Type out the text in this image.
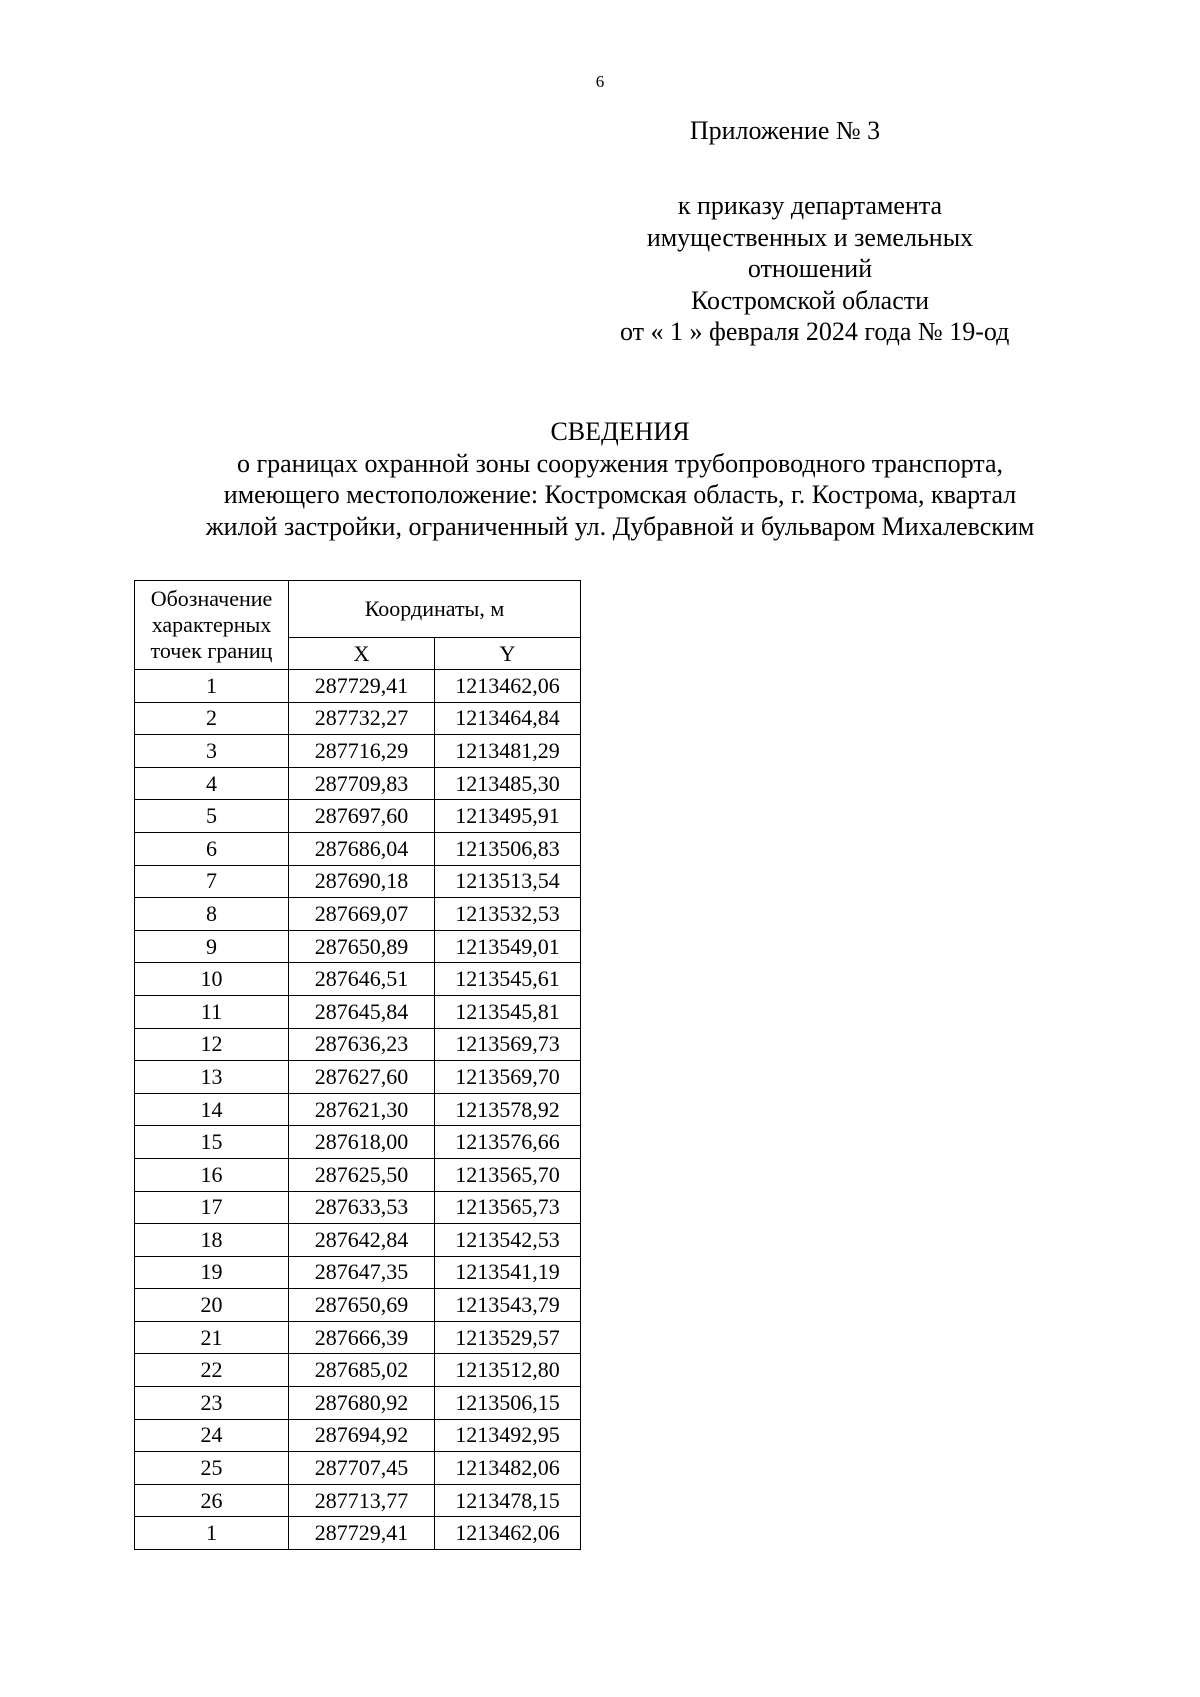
6
Приложение № 3
к приказу департамента
имущественных и земельных
отношений
Костромской области
от « 1 » февраля 2024 года № 19-од
СВЕДЕНИЯ
о границах охранной зоны сооружения трубопроводного транспорта,
имеющего местоположение: Костромская область, г. Кострома, квартал
жилой застройки, ограниченный ул. Дубравной и бульваром Михалевским
Обозначение
характерных
точек границ	Координаты, м	
	X	Y
1	287729,41	1213462,06
2	287732,27	1213464,84
3	287716,29	1213481,29
4	287709,83	1213485,30
5	287697,60	1213495,91
6	287686,04	1213506,83
7	287690,18	1213513,54
8	287669,07	1213532,53
9	287650,89	1213549,01
10	287646,51	1213545,61
11	287645,84	1213545,81
12	287636,23	1213569,73
13	287627,60	1213569,70
14	287621,30	1213578,92
15	287618,00	1213576,66
16	287625,50	1213565,70
17	287633,53	1213565,73
18	287642,84	1213542,53
19	287647,35	1213541,19
20	287650,69	1213543,79
21	287666,39	1213529,57
22	287685,02	1213512,80
23	287680,92	1213506,15
24	287694,92	1213492,95
25	287707,45	1213482,06
26	287713,77	1213478,15
1	287729,41	1213462,06
